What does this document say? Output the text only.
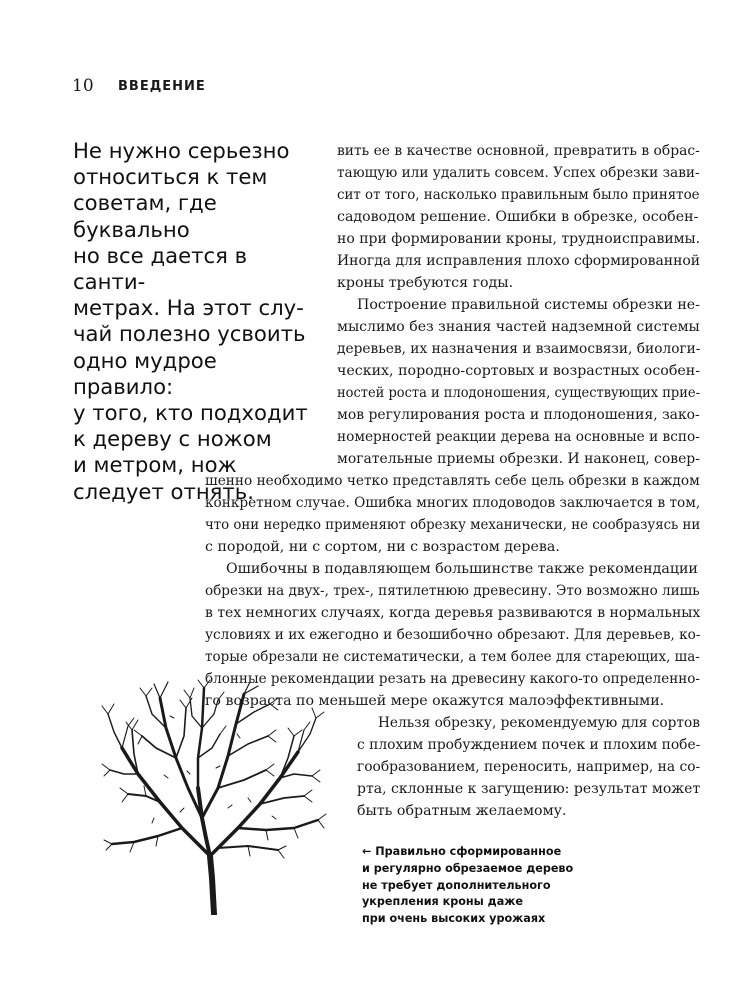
10 ВВЕДЕНИЕ
Не нужно серьезно
относиться к тем
советам, где буквально
но все дается в санти-
метрах. На этот слу-
чай полезно усвоить
одно мудрое правило:
у того, кто подходит
к дереву с ножом
и метром, нож
следует отнять.
вить ее в качестве основной, превратить в обрас-
тающую или удалить совсем. Успех обрезки зави-
сит от того, насколько правильным было принятое
садоводом решение. Ошибки в обрезке, особен-
но при формировании кроны, трудноисправимы.
Иногда для исправления плохо сформированной
кроны требуются годы.
Построение правильной системы обрезки не-
мыслимо без знания частей надземной системы
деревьев, их назначения и взаимосвязи, биологи-
ческих, породно-сортовых и возрастных особен-
ностей роста и плодоношения, существующих прие-
мов регулирования роста и плодоношения, зако-
номерностей реакции дерева на основные и вспо-
могательные приемы обрезки. И наконец, совер-
шенно необходимо четко представлять себе цель обрезки в каждом
конкретном случае. Ошибка многих плодоводов заключается в том,
что они нередко применяют обрезку механически, не сообразуясь ни
с породой, ни с сортом, ни с возрастом дерева.
Ошибочны в подавляющем большинстве также рекомендации
обрезки на двух-, трех-, пятилетнюю древесину. Это возможно лишь
в тех немногих случаях, когда деревья развиваются в нормальных
условиях и их ежегодно и безошибочно обрезают. Для деревьев, ко-
торые обрезали не систематически, а тем более для стареющих, ша-
блонные рекомендации резать на древесину какого-то определенно-
го возраста по меньшей мере окажутся малоэффективными.
Нельзя обрезку, рекомендуемую для сортов
с плохим пробуждением почек и плохим побе-
гообразованием, переносить, например, на со-
рта, склонные к загущению: результат может
быть обратным желаемому.
← Правильно сформированное
и регулярно обрезаемое дерево
не требует дополнительного
укрепления кроны даже
при очень высоких урожаях
